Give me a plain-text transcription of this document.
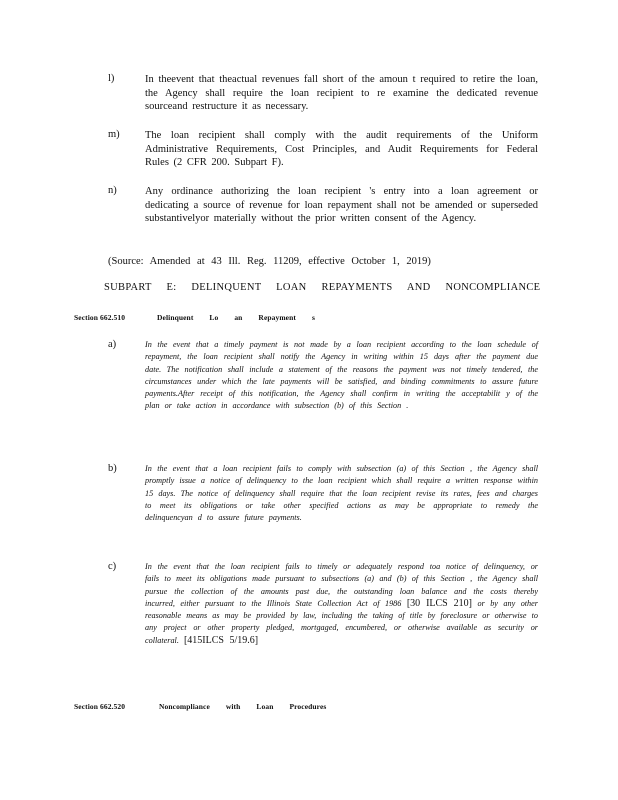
l)	In theevent that theactual revenues fall short of the amoun t required to retire the loan, the Agency shall require the loan recipient to re examine the dedicated revenue sourceand restructure it as necessary.
m) The loan recipient shall comply with the audit requirements of the Uniform Administrative Requirements, Cost Principles, and Audit Requirements for Federal Rules (2 CFR 200. Subpart F).
n)	Any ordinance authorizing the loan recipient 's entry into a loan agreement or dedicating a source of revenue for loan repayment shall not be amended or superseded substantivelyor materially without the prior written consent of the Agency.
(Source: Amended at 43 Ill. Reg. 11209, effective October 1, 2019)
SUBPART E: DELINQUENT LOAN REPAYMENTS AND NONCOMPLIANCE
Section 662.510	Delinquent Lo an Repayment s
a)	In the event that a timely payment is not made by a loan recipient according to the loan schedule of repayment, the loan recipient shall notify the Agency in writing within 15 days after the payment due date. The notification shall include a statement of the reasons the payment was not timely tendered, the circumstances under which the late payments will be satisfied, and binding commitments to assure future payments.After receipt of this notification, the Agency shall confirm in writing the acceptabilit y of the plan or take action in accordance with subsection (b) of this Section .
b)	In the event that a loan recipient fails to comply with subsection (a) of this Section , the Agency shall promptly issue a notice of delinquency to the loan recipient which shall require a written response within 15 days. The notice of delinquency shall require that the loan recipient revise its rates, fees and charges to meet its obligations or take other specified actions as may be appropriate to remedy the delinquencyan d to assure future payments.
c)	In the event that the loan recipient fails to timely or adequately respond toa notice of delinquency, or fails to meet its obligations made pursuant to subsections (a) and (b) of this Section , the Agency shall pursue the collection of the amounts past due, the outstanding loan balance and the costs thereby incurred, either pursuant to the Illinois State Collection Act of 1986 [30 ILCS 210] or by any other reasonable means as may be provided by law, including the taking of title by foreclosure or otherwise to any project or other property pledged, mortgaged, encumbered, or otherwise available as security or collateral. [415ILCS 5/19.6]
Section 662.520	Noncompliance with Loan Procedures
